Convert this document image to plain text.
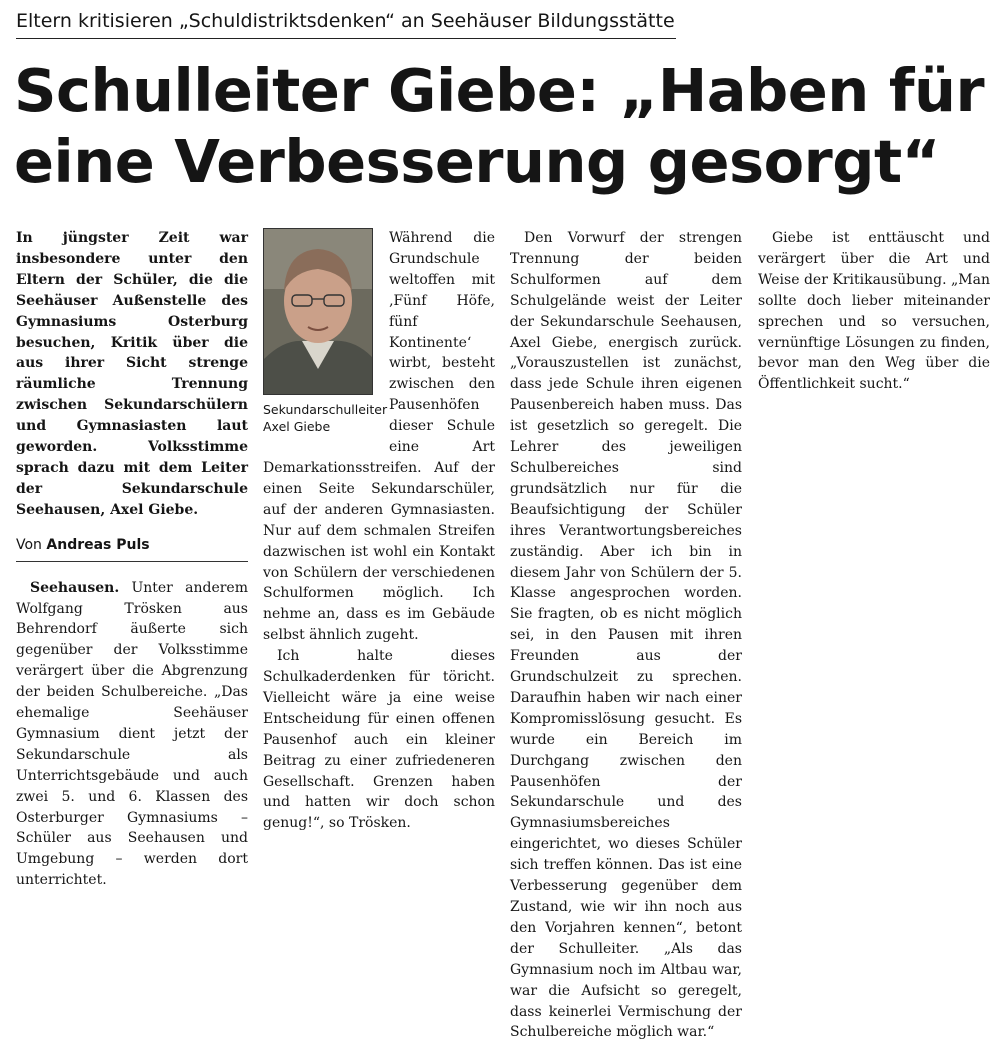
Eltern kritisieren „Schuldistriktsdenken“ an Seehäuser Bildungsstätte
Schulleiter Giebe: „Haben für eine Verbesserung gesorgt“

In jüngster Zeit war insbesondere unter den Eltern der Schüler, die die Seehäuser Außenstelle des Gymnasiums Osterburg besuchen, Kritik über die aus ihrer Sicht strenge räumliche Trennung zwischen Sekundarschülern und Gymnasiasten laut geworden. Volksstimme sprach dazu mit dem Leiter der Sekundarschule Seehausen, Axel Giebe.

Von Andreas Puls

Seehausen. Unter anderem Wolfgang Trösken aus Behrendorf äußerte sich gegenüber der Volksstimme verärgert über die Abgrenzung der beiden Schulbereiche. „Das ehemalige Seehäuser Gymnasium dient jetzt der Sekundarschule als Unterrichtsgebäude und auch zwei 5. und 6. Klassen des Osterburger Gymnasiums – Schüler aus Seehausen und Umgebung – werden dort unterrichtet.

Sekundarschulleiter Axel Giebe

Während die Grundschule weltoffen mit ‚Fünf Höfe, fünf Kontinente‘ wirbt, besteht zwischen den Pausenhöfen dieser Schule eine Art Demarkationsstreifen. Auf der einen Seite Sekundarschüler, auf der anderen Gymnasiasten. Nur auf dem schmalen Streifen dazwischen ist wohl ein Kontakt von Schülern der verschiedenen Schulformen möglich. Ich nehme an, dass es im Gebäude selbst ähnlich zugeht.

Ich halte dieses Schulkaderdenken für töricht. Vielleicht wäre ja eine weise Entscheidung für einen offenen Pausenhof auch ein kleiner Beitrag zu einer zufriedeneren Gesellschaft. Grenzen haben und hatten wir doch schon genug!“, so Trösken.

Den Vorwurf der strengen Trennung der beiden Schulformen auf dem Schulgelände weist der Leiter der Sekundarschule Seehausen, Axel Giebe, energisch zurück. „Vorauszustellen ist zunächst, dass jede Schule ihren eigenen Pausenbereich haben muss. Das ist gesetzlich so geregelt. Die Lehrer des jeweiligen Schulbereiches sind grundsätzlich nur für die Beaufsichtigung der Schüler ihres Verantwortungsbereiches zuständig. Aber ich bin in diesem Jahr von Schülern der 5. Klasse angesprochen worden. Sie fragten, ob es nicht möglich sei, in den Pausen mit ihren Freunden aus der Grundschulzeit zu sprechen. Daraufhin haben wir nach einer Kompromisslösung gesucht. Es wurde ein Bereich im Durchgang zwischen den Pausenhöfen der Sekundarschule und des Gymnasiumsbereiches eingerichtet, wo dieses Schüler sich treffen können. Das ist eine Verbesserung gegenüber dem Zustand, wie wir ihn noch aus den Vorjahren kennen“, betont der Schulleiter. „Als das Gymnasium noch im Altbau war, war die Aufsicht so geregelt, dass keinerlei Vermischung der Schulbereiche möglich war.“

Giebe ist enttäuscht und verärgert über die Art und Weise der Kritikausübung. „Man sollte doch lieber miteinander sprechen und so versuchen, vernünftige Lösungen zu finden, bevor man den Weg über die Öffentlichkeit sucht.“
